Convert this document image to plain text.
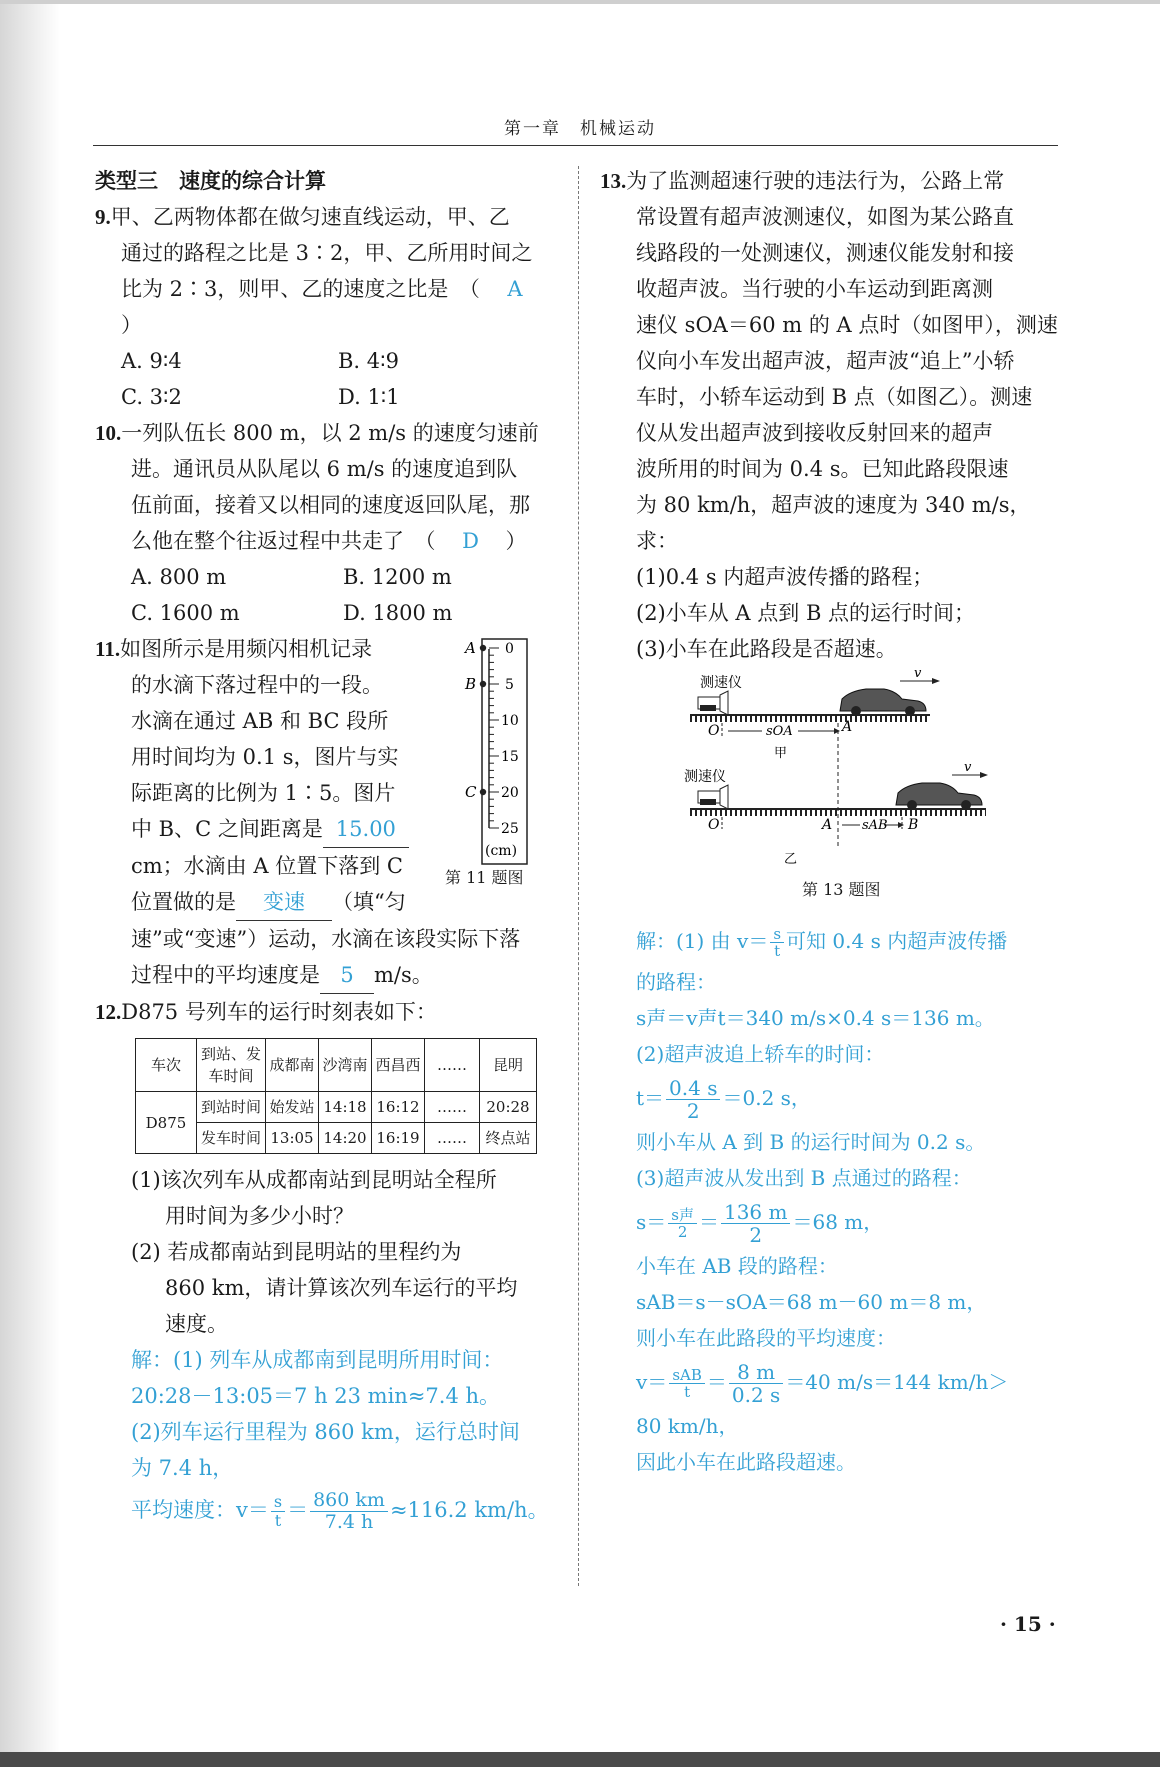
第一章　机械运动

类型三　速度的综合计算

9.甲、乙两物体都在做匀速直线运动，甲、乙

通过的路程之比是 3∶2，甲、乙所用时间之

比为 2∶3，则甲、乙的速度之比是　（ A）

A. 9∶4	B. 4∶9

C. 3∶2	D. 1∶1

10.一列队伍长 800 m，以 2 m/s 的速度匀速前

进。通讯员从队尾以 6 m/s 的速度追到队

伍前面，接着又以相同的速度返回队尾，那

么他在整个往返过程中共走了　（ D ）

A. 800 m	B. 1200 m

C. 1600 m	D. 1800 m

11.如图所示是用频闪相机记录

的水滴下落过程中的一段。

水滴在通过 AB 和 BC 段所

用时间均为 0.1 s，图片与实

际距离的比例为 1∶5。图片

中 B、C 之间距离是 15.00

cm；水滴由 A 位置下落到 C

位置做的是 变速 （填“匀

速”或“变速”）运动，水滴在该段实际下落

过程中的平均速度是 5 m/s。

0
5
10
15
20
25
(cm)
A
B
C
第 11 题图

12.D875 号列车的运行时刻表如下：

车次	到站、发车时间	成都南	沙湾南	西昌西	……	昆明
D875	到站时间	始发站	14:18	16:12	……	20:28
	发车时间	13:05	14:20	16:19	……	终点站

(1)该次列车从成都南站到昆明站全程所

用时间为多少小时？

(2) 若成都南站到昆明站的里程约为

860 km，请计算该次列车运行的平均

速度。

解：(1) 列车从成都南到昆明所用时间：

20:28－13:05＝7 h 23 min≈7.4 h。

(2)列车运行里程为 860 km，运行总时间

为 7.4 h，

平均速度：$v= \frac{s}{t} = \frac{860 km}{7.4 h} \approx 116.2$ km/h。

13.为了监测超速行驶的违法行为，公路上常

常设置有超声波测速仪，如图为某公路直

线路段的一处测速仪，测速仪能发射和接

收超声波。当行驶的小车运动到距离测

速仪 sOA＝60 m 的 A 点时（如图甲），测速

仪向小车发出超声波，超声波“追上”小轿

车时，小轿车运动到 B 点（如图乙）。测速

仪从发出超声波到接收反射回来的超声

波所用的时间为 0.4 s。已知此路段限速

为 80 km/h，超声波的速度为 340 m/s，求：

(1)0.4 s 内超声波传播的路程；

(2)小车从 A 点到 B 点的运行时间；

(3)小车在此路段是否超速。

测速仪
v
O	A
sOA
甲
测速仪
v
O	A	B
sAB
乙
第 13 题图

解：(1) 由 $v= \frac{s}{t}$ 可知 0.4 s 内超声波传播

的路程：

s声＝v声t＝340 m/s×0.4 s＝136 m。

(2)超声波追上轿车的时间：

$t= \frac{0.4 s}{2} =0.2$ s，

则小车从 A 到 B 的运行时间为 0.2 s。

(3)超声波从发出到 B 点通过的路程：

$s= \frac{\text{s声}}{2} = \frac{136 m}{2} =68$ m，

小车在 AB 段的路程：

sAB＝s－sOA＝68 m－60 m＝8 m，

则小车在此路段的平均速度：

$v= \frac{\text{sAB}}{t} = \frac{8 m}{0.2 s} =40$ m/s＝144 km/h＞

80 km/h，

因此小车在此路段超速。

· 15 ·
